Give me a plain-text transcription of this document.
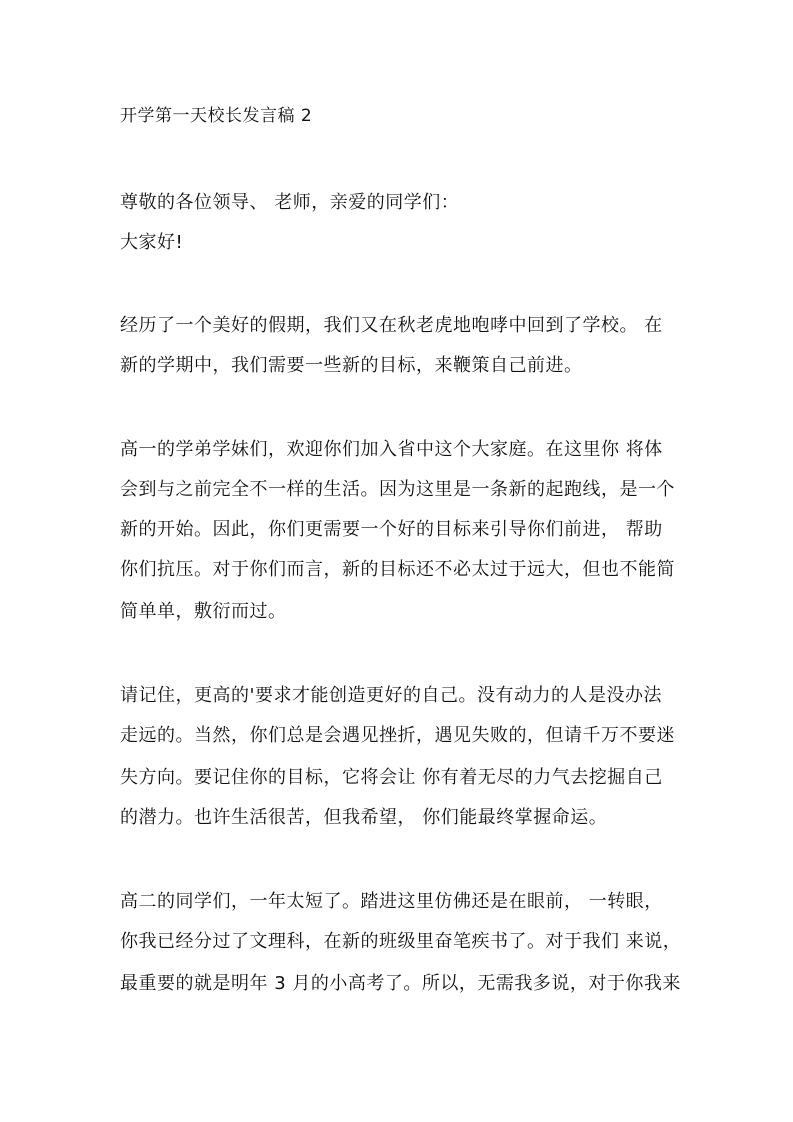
开学第一天校长发言稿 2
尊敬的各位领导、 老师，亲爱的同学们：
大家好!
经历了一个美好的假期，我们又在秋老虎地咆哮中回到了学校。 在
新的学期中，我们需要一些新的目标，来鞭策自己前进。
高一的学弟学妹们，欢迎你们加入省中这个大家庭。在这里你 将体
会到与之前完全不一样的生活。因为这里是一条新的起跑线，是一个
新的开始。因此，你们更需要一个好的目标来引导你们前进， 帮助
你们抗压。对于你们而言，新的目标还不必太过于远大，但也不能简
简单单，敷衍而过。
请记住，更高的'要求才能创造更好的自己。没有动力的人是没办法
走远的。当然，你们总是会遇见挫折，遇见失败的，但请千万不要迷
失方向。要记住你的目标，它将会让 你有着无尽的力气去挖掘自己
的潜力。也许生活很苦，但我希望， 你们能最终掌握命运。
高二的同学们，一年太短了。踏进这里仿佛还是在眼前， 一转眼，
你我已经分过了文理科，在新的班级里奋笔疾书了。对于我们 来说，
最重要的就是明年 3 月的小高考了。所以，无需我多说，对于你我来
